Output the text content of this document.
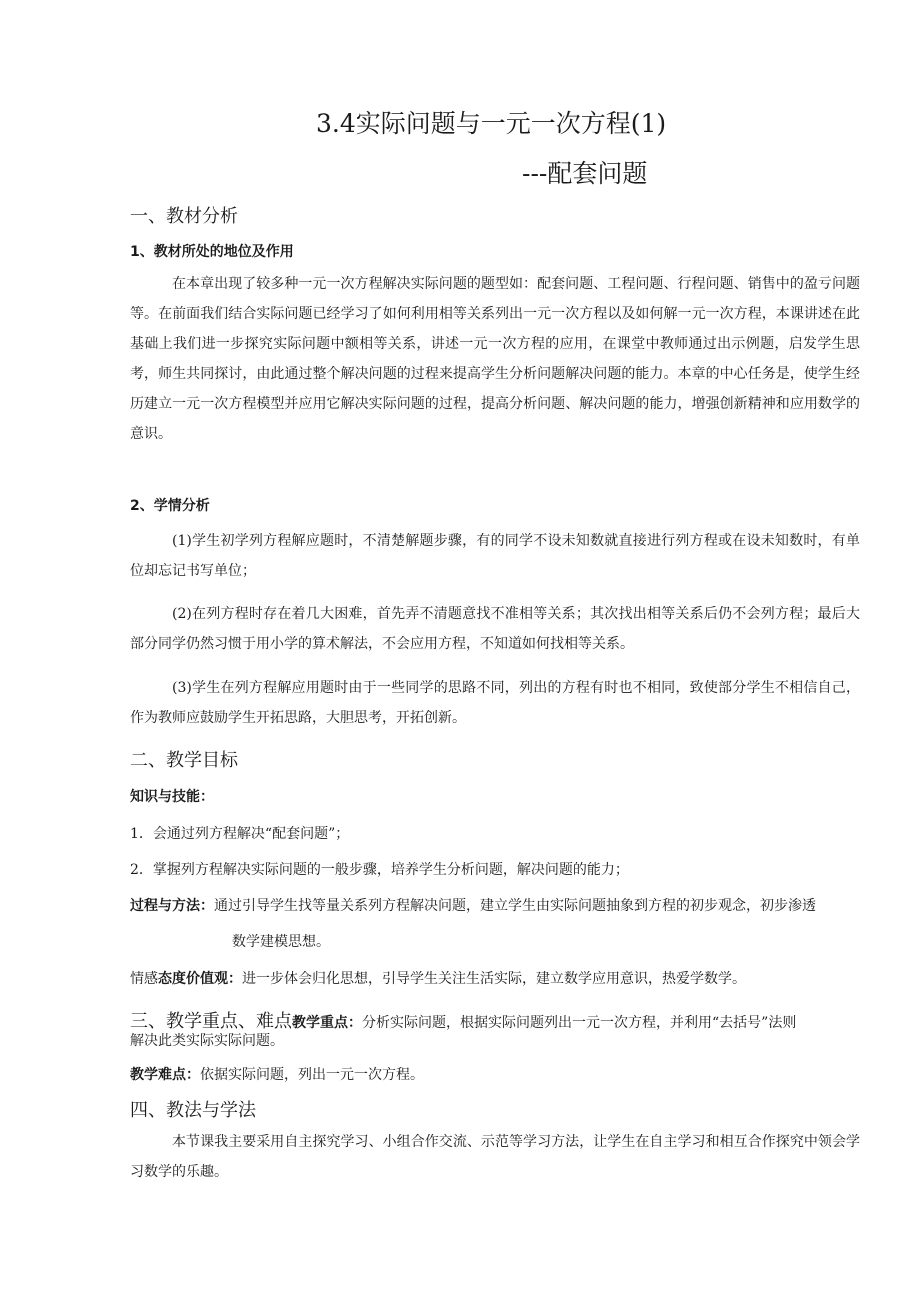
3.4实际问题与一元一次方程(1)
---配套问题
一、教材分析
1、教材所处的地位及作用
在本章出现了较多种一元一次方程解决实际问题的题型如：配套问题、工程问题、行程问题、销售中的盈亏问题等。在前面我们结合实际问题已经学习了如何利用相等关系列出一元一次方程以及如何解一元一次方程，本课讲述在此基础上我们进一步探究实际问题中额相等关系，讲述一元一次方程的应用，在课堂中教师通过出示例题，启发学生思考，师生共同探讨，由此通过整个解决问题的过程来提高学生分析问题解决问题的能力。本章的中心任务是，使学生经历建立一元一次方程模型并应用它解决实际问题的过程，提高分析问题、解决问题的能力，增强创新精神和应用数学的意识。
2、学情分析
(1)学生初学列方程解应题时，不清楚解题步骤，有的同学不设未知数就直接进行列方程或在设未知数时，有单位却忘记书写单位；
(2)在列方程时存在着几大困难，首先弄不清题意找不准相等关系；其次找出相等关系后仍不会列方程；最后大部分同学仍然习惯于用小学的算术解法，不会应用方程，不知道如何找相等关系。
(3)学生在列方程解应用题时由于一些同学的思路不同，列出的方程有时也不相同，致使部分学生不相信自己，作为教师应鼓励学生开拓思路，大胆思考，开拓创新。
二、教学目标
知识与技能：
1．会通过列方程解决“配套问题”；
2．掌握列方程解决实际问题的一般步骤，培养学生分析问题，解决问题的能力；
过程与方法：通过引导学生找等量关系列方程解决问题，建立学生由实际问题抽象到方程的初步观念，初步渗透
数学建模思想。
情感态度价值观：进一步体会归化思想，引导学生关注生活实际，建立数学应用意识，热爱学数学。
三、教学重点、难点教学重点：分析实际问题，根据实际问题列出一元一次方程，并利用“去括号”法则
解决此类实际实际问题。
教学难点：依据实际问题，列出一元一次方程。
四、教法与学法
本节课我主要采用自主探究学习、小组合作交流、示范等学习方法，让学生在自主学习和相互合作探究中领会学习数学的乐趣。
